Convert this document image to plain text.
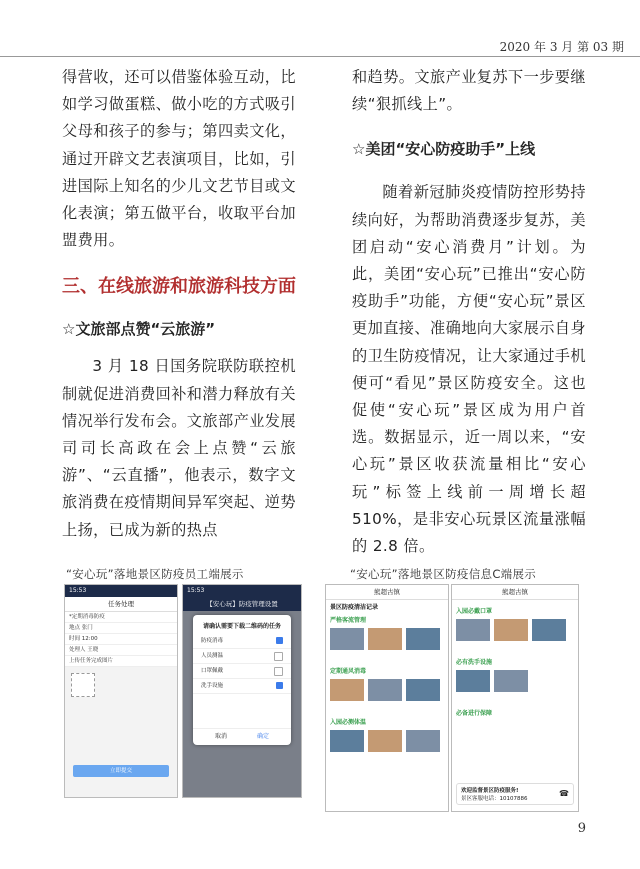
2020 年 3 月 第 03 期

得营收，还可以借鉴体验互动，比如学习做蛋糕、做小吃的方式吸引父母和孩子的参与；第四卖文化，通过开辟文艺表演项目，比如，引进国际上知名的少儿文艺节目或文化表演；第五做平台，收取平台加盟费用。

三、在线旅游和旅游科技方面
☆文旅部点赞“云旅游”

3 月 18 日国务院联防联控机制就促进消费回补和潜力释放有关情况举行发布会。文旅部产业发展司司长高政在会上点赞“云旅游”、“云直播”，他表示，数字文旅消费在疫情期间异军突起、逆势上扬，已成为新的热点

和趋势。文旅产业复苏下一步要继续“狠抓线上”。

☆美团“安心防疫助手”上线

随着新冠肺炎疫情防控形势持续向好，为帮助消费逐步复苏，美团启动“安心消费月”计划。为此，美团“安心玩”已推出“安心防疫助手”功能，方便“安心玩”景区更加直接、准确地向大家展示自身的卫生防疫情况，让大家通过手机便可“看见”景区防疫安全。这也促使“安心玩”景区成为用户首选。数据显示，近一周以来，“安心玩”景区收获流量相比“安心玩”标签上线前一周增长超 510%，是非安心玩景区流量涨幅的 2.8 倍。

“安心玩”落地景区防疫员工端展示	“安心玩”落地景区防疫信息C端展示
15:53
任务处理
*定期消毒防疫
地点 张门
时间 12:00
处理人 王晓
上传任务完成图片
立即提交
15:53
【安心玩】防疫管理设置
请确认需要下载二维码的任务
防疫消毒
人员测温
口罩佩戴
洗手设施
取消	确定
熊超古镇
景区防疫清洁记录
严格客流管理
定期通风消毒
入园必测体温
熊超古镇
入园必戴口罩
必有洗手设施
必备进行保障
欢迎监督景区防疫服务!
景区客服电话：10107886
☎
9
